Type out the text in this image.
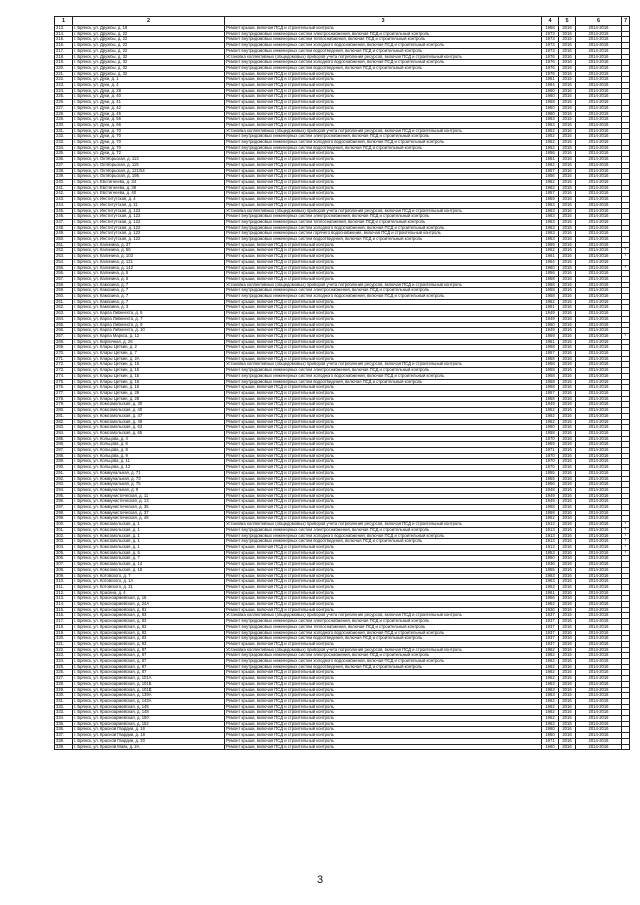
1	2	3	4	5	6	7
213.	г. Брянск, ул. Дружбы, д. 18	Ремонт крыши, включая ПСД и строительный контроль	1968	2016	2014-2016	
214.	г. Брянск, ул. Дружбы, д. 22	Ремонт внутридомовых инженерных систем электроснабжения, включая ПСД и строительный контроль	1973	2016	2014-2016	
215.	г. Брянск, ул. Дружбы, д. 22	Ремонт внутридомовых инженерных систем теплоснабжения, включая ПСД и строительный контроль	1973	2016	2014-2016	
216.	г. Брянск, ул. Дружбы, д. 22	Ремонт внутридомовых инженерных систем холодного водоснабжения, включая ПСД и строительный контроль	1973	2016	2014-2016	
217.	г. Брянск, ул. Дружбы, д. 22	Ремонт внутридомовых инженерных систем водоотведения, включая ПСД и строительный контроль	1973	2016	2014-2016	
218.	г. Брянск, ул. Дружбы, д. 32	Установка коллективных (общедомовых) приборов учета потребления ресурсов, включая ПСД и строительный контроль	1976	2016	2014-2016	
219.	г. Брянск, ул. Дружбы, д. 32	Ремонт внутридомовых инженерных систем холодного водоснабжения, включая ПСД и строительный контроль	1976	2016	2014-2016	
220.	г. Брянск, ул. Дружбы, д. 32	Ремонт внутридомовых инженерных систем водоотведения, включая ПСД и строительный контроль	1976	2016	2014-2016	
221.	г. Брянск, ул. Дружбы, д. 32	Ремонт крыши, включая ПСД и строительный контроль	1976	2016	2014-2016	
222.	г. Брянск, ул. Дуки, д. 1	Ремонт крыши, включая ПСД и строительный контроль	1961	2016	2014-2016	
223.	г. Брянск, ул. Дуки, д. 4	Ремонт крыши, включая ПСД и строительный контроль	1964	2016	2014-2016	
224.	г. Брянск, ул. Дуки, д. 28	Ремонт крыши, включая ПСД и строительный контроль	1960	2016	2014-2016	
225.	г. Брянск, ул. Дуки, д. 40	Ремонт крыши, включая ПСД и строительный контроль	1960	2016	2014-2016	
226.	г. Брянск, ул. Дуки, д. 41	Ремонт крыши, включая ПСД и строительный контроль	1958	2016	2014-2016	
227.	г. Брянск, ул. Дуки, д. 42	Ремонт крыши, включая ПСД и строительный контроль	1960	2016	2014-2016	
228.	г. Брянск, ул. Дуки, д. 45	Ремонт крыши, включая ПСД и строительный контроль	1960	2016	2014-2016	
229.	г. Брянск, ул. Дуки, д. 56	Ремонт крыши, включая ПСД и строительный контроль	1963	2016	2014-2016	
230.	г. Брянск, ул. Дуки, д. 66	Ремонт крыши, включая ПСД и строительный контроль	1953	2016	2014-2016	
231.	г. Брянск, ул. Дуки, д. 70	Установка коллективных (общедомовых) приборов учета потребления ресурсов, включая ПСД и строительный контроль	1952	2016	2014-2016	
232.	г. Брянск, ул. Дуки, д. 70	Ремонт внутридомовых инженерных систем электроснабжения, включая ПСД и строительный контроль	1952	2016	2014-2016	
233.	г. Брянск, ул. Дуки, д. 70	Ремонт внутридомовых инженерных систем холодного водоснабжения, включая ПСД и строительный контроль	1952	2016	2014-2016	
234.	г. Брянск, ул. Дуки, д. 70	Ремонт внутридомовых инженерных систем водоотведения, включая ПСД и строительный контроль	1952	2016	2014-2016	
235.	г. Брянск, ул. Дуки, д. 72	Ремонт крыши, включая ПСД и строительный контроль	1956	2016	2014-2016	
236.	г. Брянск, ул. Октябрьская, д. 113	Ремонт крыши, включая ПСД и строительный контроль	1961	2016	2014-2016	
237.	г. Брянск, ул. Октябрьская, д. 115	Ремонт крыши, включая ПСД и строительный контроль	1962	2016	2014-2016	
238.	г. Брянск, ул. Октябрьская, д. 121/54	Ремонт крыши, включая ПСД и строительный контроль	1957	2016	2014-2016	
239.	г. Брянск, ул. Октябрьская, д. 195	Ремонт крыши, включая ПСД и строительный контроль	1956	2016	2014-2016	
240.	г. Брянск, ул. Евстигнеева, д. 34	Ремонт крыши, включая ПСД и строительный контроль	1962	2016	2014-2016	
241.	г. Брянск, ул. Евстигнеева, д. 38	Ремонт крыши, включая ПСД и строительный контроль	1962	2016	2014-2016	
242.	г. Брянск, ул. Евстигнеева, д. 40	Ремонт крыши, включая ПСД и строительный контроль	1957	2016	2014-2016	
243.	г. Брянск, ул. Институтская, д. 4	Ремонт крыши, включая ПСД и строительный контроль	1959	2016	2014-2016	
244.	г. Брянск, ул. Институтская, д. 11	Ремонт крыши, включая ПСД и строительный контроль	1953	2016	2014-2016	
245.	г. Брянск, ул. Институтская, д. 122	Установка коллективных (общедомовых) приборов учета потребления ресурсов, включая ПСД и строительный контроль	1963	2016	2014-2016	
246.	г. Брянск, ул. Институтская, д. 122	Ремонт внутридомовых инженерных систем электроснабжения, включая ПСД и строительный контроль	1963	2016	2014-2016	
247.	г. Брянск, ул. Институтская, д. 122	Ремонт внутридомовых инженерных систем теплоснабжения, включая ПСД и строительный контроль	1963	2016	2014-2016	
248.	г. Брянск, ул. Институтская, д. 122	Ремонт внутридомовых инженерных систем холодного водоснабжения, включая ПСД и строительный контроль	1963	2016	2014-2016	
249.	г. Брянск, ул. Институтская, д. 122	Ремонт внутридомовых инженерных систем горячего водоснабжения, включая ПСД и строительный контроль	1963	2016	2014-2016	
250.	г. Брянск, ул. Институтская, д. 122	Ремонт внутридомовых инженерных систем водоотведения, включая ПСД и строительный контроль	1963	2016	2014-2016	
251.	г. Брянск, ул. Калинина, д. 37	Ремонт крыши, включая ПСД и строительный контроль	1959	2016	2014-2016	
252.	г. Брянск, ул. Калинина, д. 56	Ремонт крыши, включая ПСД и строительный контроль	1962	2016	2014-2016	*
253.	г. Брянск, ул. Калинина, д. 103	Ремонт крыши, включая ПСД и строительный контроль	1961	2016	2014-2016	*
254.	г. Брянск, ул. Калинина, д. 121	Ремонт крыши, включая ПСД и строительный контроль	1964	2016	2014-2016	
255.	г. Брянск, ул. Калинина, д. 142	Ремонт крыши, включая ПСД и строительный контроль	1960	2016	2014-2016	*
256.	г. Брянск, ул. Калинина, д. 5	Ремонт крыши, включая ПСД и строительный контроль	1956	2016	2014-2016	
257.	г. Брянск, ул. Калинина, д. 6	Ремонт крыши, включая ПСД и строительный контроль	1958	2016	2014-2016	
258.	г. Брянск, ул. Камозина, д. 7	Установка коллективных (общедомовых) приборов учета потребления ресурсов, включая ПСД и строительный контроль	1958	2016	2014-2016	
259.	г. Брянск, ул. Камозина, д. 7	Ремонт внутридомовых инженерных систем электроснабжения, включая ПСД и строительный контроль	1958	2016	2014-2016	
260.	г. Брянск, ул. Камозина, д. 7	Ремонт внутридомовых инженерных систем холодного водоснабжения, включая ПСД и строительный контроль	1958	2016	2014-2016	
261.	г. Брянск, ул. Камозина, д. 7	Ремонт крыши, включая ПСД и строительный контроль	1962	2016	2014-2016	
262.	г. Брянск, ул. Камозина, д. 3	Ремонт крыши, включая ПСД и строительный контроль	1961	2016	2014-2016	
263.	г. Брянск, ул. Карла Либкнехта, д. 5	Ремонт крыши, включая ПСД и строительный контроль	1949	2016	2014-2016	
264.	г. Брянск, ул. Карла Либкнехта, д. 7	Ремонт крыши, включая ПСД и строительный контроль	1949	2016	2014-2016	
265.	г. Брянск, ул. Карла Либкнехта, д. 9	Ремонт крыши, включая ПСД и строительный контроль	1950	2016	2014-2016	
266.	г. Брянск, ул. Карла Либкнехта, д. 10	Ремонт крыши, включая ПСД и строительный контроль	1949	2016	2014-2016	
267.	г. Брянск, ул. Карла Маркса, д. 12	Ремонт крыши, включая ПСД и строительный контроль	1959	2016	2014-2016	*
268.	г. Брянск, ул. Кирпичная, д. 26	Ремонт крыши, включая ПСД и строительный контроль	1961	2016	2014-2016	
269.	г. Брянск, ул. Клары Цеткин, д. 2	Ремонт крыши, включая ПСД и строительный контроль	1958	2016	2014-2016	
270.	г. Брянск, ул. Клары Цеткин, д. 7	Ремонт крыши, включая ПСД и строительный контроль	1957	2016	2014-2016	
271.	г. Брянск, ул. Клары Цеткин, д. 2А	Ремонт крыши, включая ПСД и строительный контроль	1958	2016	2014-2016	
272.	г. Брянск, ул. Клары Цеткин, д. 15	Установка коллективных (общедомовых) приборов учета потребления ресурсов, включая ПСД и строительный контроль	1958	2016	2014-2016	
273.	г. Брянск, ул. Клары Цеткин, д. 15	Ремонт внутридомовых инженерных систем электроснабжения, включая ПСД и строительный контроль	1958	2016	2014-2016	
274.	г. Брянск, ул. Клары Цеткин, д. 15	Ремонт внутридомовых инженерных систем холодного водоснабжения, включая ПСД и строительный контроль	1958	2016	2014-2016	
275.	г. Брянск, ул. Клары Цеткин, д. 15	Ремонт внутридомовых инженерных систем водоотведения, включая ПСД и строительный контроль	1958	2016	2014-2016	
276.	г. Брянск, ул. Клары Цеткин, д. 15	Ремонт крыши, включая ПСД и строительный контроль	1958	2016	2014-2016	
277.	г. Брянск, ул. Клары Цеткин, д. 26	Ремонт крыши, включая ПСД и строительный контроль	1957	2016	2014-2016	
278.	г. Брянск, ул. Клары Цеткин, д. 28	Ремонт крыши, включая ПСД и строительный контроль	1958	2016	2014-2016	
279.	г. Брянск, ул. Комсомольская, д. 30	Ремонт крыши, включая ПСД и строительный контроль	1949	2016	2014-2016	
280.	г. Брянск, ул. Комсомольская, д. 40	Ремонт крыши, включая ПСД и строительный контроль	1952	2016	2014-2016	
281.	г. Брянск, ул. Комсомольская, д. 47	Ремонт крыши, включая ПСД и строительный контроль	1962	2016	2014-2016	
282.	г. Брянск, ул. Комсомольская, д. 49	Ремонт крыши, включая ПСД и строительный контроль	1962	2016	2014-2016	
283.	г. Брянск, ул. Комсомольская, д. 63	Ремонт крыши, включая ПСД и строительный контроль	1950	2016	2014-2016	
284.	г. Брянск, ул. Комсомольская, д. 65	Ремонт крыши, включая ПСД и строительный контроль	1958	2016	2014-2016	
285.	г. Брянск, ул. Кольцова, д. 4	Ремонт крыши, включая ПСД и строительный контроль	1970	2016	2014-2016	
286.	г. Брянск, ул. Кольцова, д. 6	Ремонт крыши, включая ПСД и строительный контроль	1969	2016	2014-2016	
287.	г. Брянск, ул. Кольцова, д. 8	Ремонт крыши, включая ПСД и строительный контроль	1971	2016	2014-2016	
288.	г. Брянск, ул. Кольцова, д. 9	Ремонт крыши, включая ПСД и строительный контроль	1970	2016	2014-2016	
289.	г. Брянск, ул. Кольцова, д. 11	Ремонт крыши, включая ПСД и строительный контроль	1970	2016	2014-2016	
290.	г. Брянск, ул. Кольцова, д. 12	Ремонт крыши, включая ПСД и строительный контроль	1970	2016	2014-2016	
291.	г. Брянск, ул. Коммунальная, д. 71	Ремонт крыши, включая ПСД и строительный контроль	1955	2016	2014-2016	
292.	г. Брянск, ул. Коммунальная, д. 73	Ремонт крыши, включая ПСД и строительный контроль	1955	2016	2014-2016	
293.	г. Брянск, ул. Коммунальная, д. 75	Ремонт крыши, включая ПСД и строительный контроль	1956	2016	2014-2016	
294.	г. Брянск, ул. Коммунальная, д. 9	Ремонт крыши, включая ПСД и строительный контроль	1948	2016	2014-2016	
295.	г. Брянск, ул. Коммунистическая, д. 11	Ремонт крыши, включая ПСД и строительный контроль	1949	2016	2014-2016	
296.	г. Брянск, ул. Коммунистическая, д. 13	Ремонт крыши, включая ПСД и строительный контроль	1949	2016	2014-2016	
297.	г. Брянск, ул. Коммунистическая, д. 35	Ремонт крыши, включая ПСД и строительный контроль	1958	2016	2014-2016	
298.	г. Брянск, ул. Коммунистическая, д. 37	Ремонт крыши, включая ПСД и строительный контроль	1958	2016	2014-2016	
299.	г. Брянск, ул. Коммунистическая, д. 48	Ремонт крыши, включая ПСД и строительный контроль	1962	2016	2014-2016	
300.	г. Брянск, ул. Комсомольская, д. 1	Установка коллективных (общедомовых) приборов учета потребления ресурсов, включая ПСД и строительный контроль	1913	2016	2014-2016	*
301.	г. Брянск, ул. Комсомольская, д. 1	Ремонт внутридомовых инженерных систем электроснабжения, включая ПСД и строительный контроль	1913	2016	2014-2016	*
302.	г. Брянск, ул. Комсомольская, д. 1	Ремонт внутридомовых инженерных систем холодного водоснабжения, включая ПСД и строительный контроль	1913	2016	2014-2016	*
303.	г. Брянск, ул. Комсомольская, д. 1	Ремонт внутридомовых инженерных систем водоотведения, включая ПСД и строительный контроль	1913	2016	2014-2016	*
304.	г. Брянск, ул. Комсомольская, д. 1	Ремонт крыши, включая ПСД и строительный контроль	1913	2016	2014-2016	*
305.	г. Брянск, ул. Комсомольская, д. 5	Ремонт крыши, включая ПСД и строительный контроль	1953	2016	2014-2016	*
306.	г. Брянск, ул. Комсомольская, д. 7	Ремонт крыши, включая ПСД и строительный контроль	1950	2016	2014-2016	
307.	г. Брянск, ул. Комсомольская, д. 14	Ремонт крыши, включая ПСД и строительный контроль	1936	2016	2014-2016	
308.	г. Брянск, ул. Комсомольская, д. 16	Ремонт крыши, включая ПСД и строительный контроль	1955	2016	2014-2016	
309.	г. Брянск, ул. Котовского, д. 7	Ремонт крыши, включая ПСД и строительный контроль	1963	2016	2014-2016	
310.	г. Брянск, ул. Котовского, д. 1А	Ремонт крыши, включая ПСД и строительный контроль	1963	2016	2014-2016	
311.	г. Брянск, ул. Котовского, д. 21	Ремонт крыши, включая ПСД и строительный контроль	1963	2016	2014-2016	
312.	г. Брянск, ул. Красина, д. 4	Ремонт крыши, включая ПСД и строительный контроль	1961	2016	2014-2016	
313.	г. Брянск, ул. Красноармейская, д. 18	Ремонт крыши, включая ПСД и строительный контроль	1956	2016	2014-2016	
314.	г. Брянск, ул. Красноармейская, д. 24А	Ремонт крыши, включая ПСД и строительный контроль	1962	2016	2014-2016	
315.	г. Брянск, ул. Красноармейская, д. 81	Ремонт крыши, включая ПСД и строительный контроль	1926	2016	2014-2016	
316.	г. Брянск, ул. Красноармейская, д. 83	Установка коллективных (общедомовых) приборов учета потребления ресурсов, включая ПСД и строительный контроль	1937	2016	2014-2016	
317.	г. Брянск, ул. Красноармейская, д. 83	Ремонт внутридомовых инженерных систем электроснабжения, включая ПСД и строительный контроль	1937	2016	2014-2016	
318.	г. Брянск, ул. Красноармейская, д. 83	Ремонт внутридомовых инженерных систем теплоснабжения, включая ПСД и строительный контроль	1937	2016	2014-2016	
319.	г. Брянск, ул. Красноармейская, д. 83	Ремонт внутридомовых инженерных систем холодного водоснабжения, включая ПСД и строительный контроль	1937	2016	2014-2016	
320.	г. Брянск, ул. Красноармейская, д. 83	Ремонт внутридомовых инженерных систем водоотведения, включая ПСД и строительный контроль	1937	2016	2014-2016	
321.	г. Брянск, ул. Красноармейская, д. 83	Ремонт крыши, включая ПСД и строительный контроль	1937	2016	2014-2016	
322.	г. Брянск, ул. Красноармейская, д. 87	Установка коллективных (общедомовых) приборов учета потребления ресурсов, включая ПСД и строительный контроль	1962	2016	2014-2016	
323.	г. Брянск, ул. Красноармейская, д. 87	Ремонт внутридомовых инженерных систем электроснабжения, включая ПСД и строительный контроль	1962	2016	2014-2016	
324.	г. Брянск, ул. Красноармейская, д. 87	Ремонт внутридомовых инженерных систем холодного водоснабжения, включая ПСД и строительный контроль	1962	2016	2014-2016	
325.	г. Брянск, ул. Красноармейская, д. 87	Ремонт внутридомовых инженерных систем водоотведения, включая ПСД и строительный контроль	1962	2016	2014-2016	
326.	г. Брянск, ул. Красноармейская, д. 87	Ремонт крыши, включая ПСД и строительный контроль	1962	2016	2014-2016	
327.	г. Брянск, ул. Красноармейская, д. 101А	Ремонт крыши, включая ПСД и строительный контроль	1962	2016	2014-2016	
328.	г. Брянск, ул. Красноармейская, д. 101Б	Ремонт крыши, включая ПСД и строительный контроль	1963	2016	2014-2016	
329.	г. Брянск, ул. Красноармейская, д. 101В	Ремонт крыши, включая ПСД и строительный контроль	1963	2016	2014-2016	
330.	г. Брянск, ул. Красноармейская, д. 139А	Ремонт крыши, включая ПСД и строительный контроль	1963	2016	2014-2016	
331.	г. Брянск, ул. Красноармейская, д. 143А	Ремонт крыши, включая ПСД и строительный контроль	1962	2016	2014-2016	
332.	г. Брянск, ул. Красноармейская, д. 145	Ремонт крыши, включая ПСД и строительный контроль	1962	2016	2014-2016	
333.	г. Брянск, ул. Красноармейская, д. 148	Ремонт крыши, включая ПСД и строительный контроль	1962	2016	2014-2016	
334.	г. Брянск, ул. Красноармейская, д. 150	Ремонт крыши, включая ПСД и строительный контроль	1962	2016	2014-2016	
335.	г. Брянск, ул. Красноармейская, д. 152	Ремонт крыши, включая ПСД и строительный контроль	1962	2016	2014-2016	
336.	г. Брянск, ул. Красной Гвардии, д. 16	Ремонт крыши, включая ПСД и строительный контроль	1960	2016	2014-2016	
337.	г. Брянск, ул. Красной Гвардии, д. 18	Ремонт крыши, включая ПСД и строительный контроль	1960	2016	2014-2016	
338.	г. Брянск, ул. Красной Гвардии, д. 20	Ремонт крыши, включая ПСД и строительный контроль	1971	2016	2014-2016	
339.	г. Брянск, ул. Красной Маяк, д. 2А	Ремонт крыши, включая ПСД и строительный контроль	1960	2016	2014-2016	
3
